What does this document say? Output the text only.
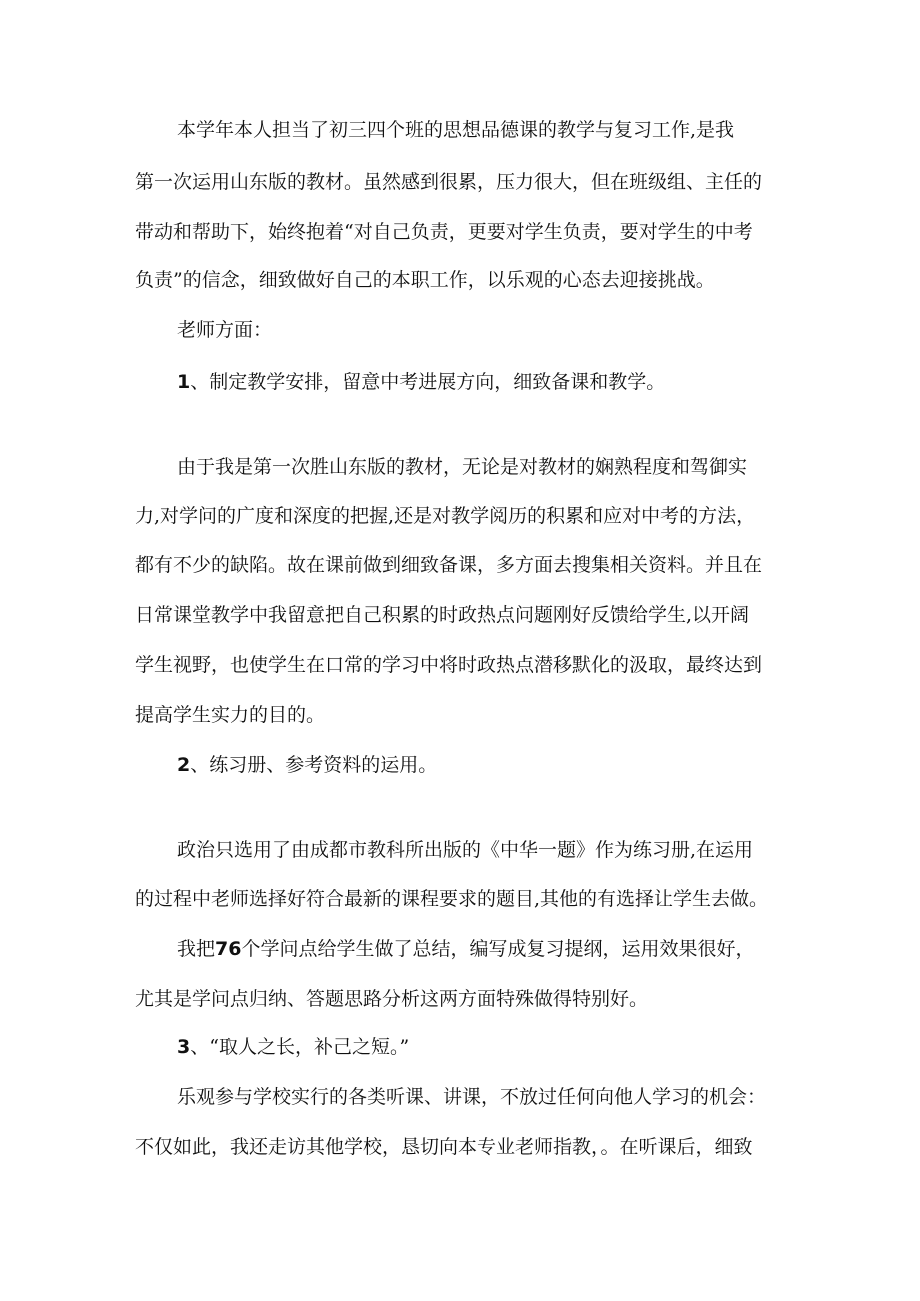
本学年本人担当了初三四个班的思想品德课的教学与复习工作,是我

第一次运用山东版的教材。虽然感到很累，压力很大，但在班级组、主任的

带动和帮助下，始终抱着“对自己负责，更要对学生负责，要对学生的中考

负责”的信念，细致做好自己的本职工作，以乐观的心态去迎接挑战。

老师方面：

1、制定教学安排，留意中考进展方向，细致备课和教学。

由于我是第一次胜山东版的教材，无论是对教材的娴熟程度和驾御实

力,对学问的广度和深度的把握,还是对教学阅历的积累和应对中考的方法，

都有不少的缺陷。故在课前做到细致备课，多方面去搜集相关资料。并且在

日常课堂教学中我留意把自己积累的时政热点问题刚好反馈给学生,以开阔

学生视野，也使学生在口常的学习中将时政热点潜移默化的汲取，最终达到

提高学生实力的目的。

2、练习册、参考资料的运用。

政治只选用了由成都市教科所出版的《中华一题》作为练习册,在运用

的过程中老师选择好符合最新的课程要求的题目,其他的有选择让学生去做。

我把76个学问点给学生做了总结，编写成复习提纲，运用效果很好，

尤其是学问点归纳、答题思路分析这两方面特殊做得特别好。

3、“取人之长，补己之短。”

乐观参与学校实行的各类听课、讲课，不放过任何向他人学习的机会：

不仅如此，我还走访其他学校，恳切向本专业老师指教，。在听课后，细致
